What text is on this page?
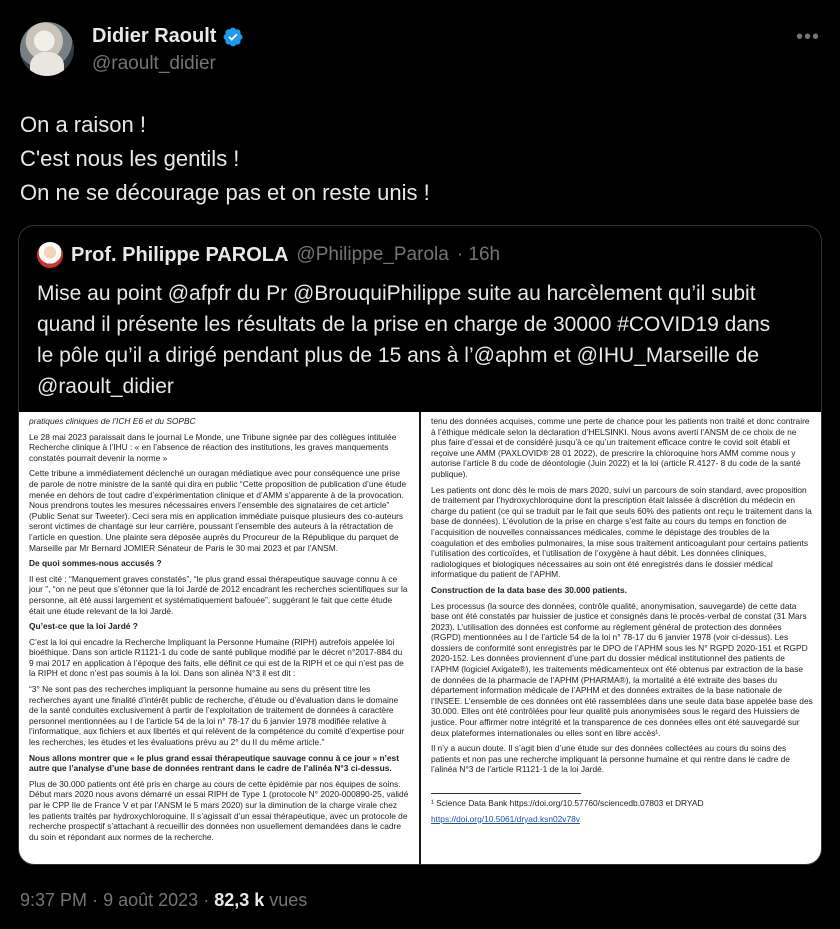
Didier Raoult
@raoult_didier
•••
On a raison !
C'est nous les gentils !
On ne se décourage pas et on reste unis !
Prof. Philippe PAROLA @Philippe_Parola · 16h
Mise au point @afpfr du Pr @BrouquiPhilippe suite au harcèlement qu’il subit
quand il présente les résultats de la prise en charge de 30000 #COVID19 dans
le pôle qu’il a dirigé pendant plus de 15 ans à l’@aphm et @IHU_Marseille de
@raoult_didier

pratiques cliniques de l’ICH E6 et du SOPBC

Le 28 mai 2023 paraissait dans le journal Le Monde, une Tribune signée par des collègues intitulée Recherche clinique à l’IHU : « en l’absence de réaction des institutions, les graves manquements constatés pourrait devenir la norme »

Cette tribune a immédiatement déclenché un ouragan médiatique avec pour conséquence une prise de parole de notre ministre de la santé qui dira en public “Cette proposition de publication d’une étude menée en dehors de tout cadre d’expérimentation clinique et d’AMM s’apparente à de la provocation. Nous prendrons toutes les mesures nécessaires envers l’ensemble des signataires de cet article” (Public Senat sur Tweeter). Ceci sera mis en application immédiate puisque plusieurs des co-auteurs seront victimes de chantage sur leur carrière, poussant l’ensemble des auteurs à la rétractation de l’article en question. Une plainte sera déposée auprès du Procureur de la République du parquet de Marseille par Mr Bernard JOMIER Sénateur de Paris le 30 mai 2023 et par l’ANSM.

De quoi sommes-nous accusés ?

Il est cité : “Manquement graves constatés”, “le plus grand essai thérapeutique sauvage connu à ce jour ”, “on ne peut que s’étonner que la loi Jardé de 2012 encadrant les recherches scientifiques sur la personne, ait été aussi largement et systématiquement bafouée”, suggérant le fait que cette étude était une étude relevant de la loi Jardé.

Qu’est-ce que la loi Jardé ?

C’est la loi qui encadre la Recherche Impliquant la Personne Humaine (RIPH) autrefois appelée loi bioéthique. Dans son article R1121-1 du code de santé publique modifié par le décret n°2017-884 du 9 mai 2017 en application à l’époque des faits, elle définit ce qui est de la RIPH et ce qui n’est pas de la RIPH et donc n’est pas soumis à la loi. Dans son alinéa N°3 il est dit :

“3° Ne sont pas des recherches impliquant la personne humaine au sens du présent titre les recherches ayant une finalité d’intérêt public de recherche, d’étude ou d’évaluation dans le domaine de la santé conduites exclusivement à partir de l’exploitation de traitement de données à caractère personnel mentionnées au I de l’article 54 de la loi n° 78-17 du 6 janvier 1978 modifiée relative à l’informatique, aux fichiers et aux libertés et qui relèvent de la compétence du comité d’expertise pour les recherches, les études et les évaluations prévu au 2° du II du même article.”

Nous allons montrer que « le plus grand essai thérapeutique sauvage connu à ce jour » n’est autre que l’analyse d’une base de données rentrant dans le cadre de l’alinéa N°3 ci-dessus.

Plus de 30.000 patients ont été pris en charge au cours de cette épidémie par nos équipes de soins. Début mars 2020 nous avons démarré un essai RIPH de Type 1 (protocole N° 2020-000890-25, validé par le CPP Ile de France V et par l’ANSM le 5 mars 2020) sur la diminution de la charge virale chez les patients traités par hydroxychloroquine. Il s’agissait d’un essai thérapeutique, avec un protocole de recherche prospectif s’attachant à recueillir des données non usuellement demandées dans le cadre du soin et répondant aux normes de la recherche.

tenu des données acquises, comme une perte de chance pour les patients non traité et donc contraire à l’éthique médicale selon la déclaration d’HELSINKI. Nous avons averti l’ANSM de ce choix de ne plus faire d’essai et de considéré jusqu’à ce qu’un traitement efficace contre le covid soit établi et reçoive une AMM (PAXLOVID® 28 01 2022), de prescrire la chloroquine hors AMM comme nous y autorise l’article 8 du code de déontologie (Juin 2022) et la loi (article R.4127- 8 du code de la santé publique).

Les patients ont donc dès le mois de mars 2020, suivi un parcours de soin standard, avec proposition de traitement par l’hydroxychloroquine dont la prescription était laissée à discrétion du médecin en charge du patient (ce qui se traduit par le fait que seuls 60% des patients ont reçu le traitement dans la base de données). L’évolution de la prise en charge s’est faite au cours du temps en fonction de l’acquisition de nouvelles connaissances médicales, comme le dépistage des troubles de la coagulation et des embolies pulmonaires, la mise sous traitement anticoagulant pour certains patients l’utilisation des corticoïdes, et l’utilisation de l’oxygène à haut débit. Les données cliniques, radiologiques et biologiques nécessaires au soin ont été enregistrés dans le dossier médical informatique du patient de l’APHM.

Construction de la data base des 30.000 patients.

Les processus (la source des données, contrôle qualité, anonymisation, sauvegarde) de cette data base ont été constatés par huissier de justice et consignés dans le procès-verbal de constat (31 Mars 2023). L’utilisation des données est conforme au règlement général de protection des données (RGPD) mentionnées au I de l’article 54 de la loi n° 78-17 du 6 janvier 1978 (voir ci-dessus). Les dossiers de conformité sont enregistrés par le DPO de l’APHM sous les N° RGPD 2020-151 et RGPD 2020-152. Les données proviennent d’une part du dossier médical institutionnel des patients de l’APHM (logiciel Axigate®), les traitements médicamenteux ont été obtenus par extraction de la base de données de la pharmacie de l’APHM (PHARMA®), la mortalité a été extraite des bases du département information médicale de l’APHM et des données extraites de la base nationale de l’INSEE. L’ensemble de ces données ont été rassemblées dans une seule data base appelée base des 30.000. Elles ont été contrôlées pour leur qualité puis anonymisées sous le regard des Huissiers de justice. Pour affirmer notre intégrité et la transparence de ces données elles ont été sauvegardé sur deux plateformes internationales ou elles sont en libre accès¹.

Il n’y a aucun doute. Il s’agit bien d’une étude sur des données collectées au cours du soins des patients et non pas une recherche impliquant la personne humaine et qui rentre dans le cadre de l’alinéa N°3 de l’article R1121-1 de la loi Jardé.

¹ Science Data Bank https://doi.org/10.57760/sciencedb.07803 et DRYAD

https://doi.org/10.5061/dryad.ksn02v78v

9:37 PM · 9 août 2023 · 82,3 k vues
